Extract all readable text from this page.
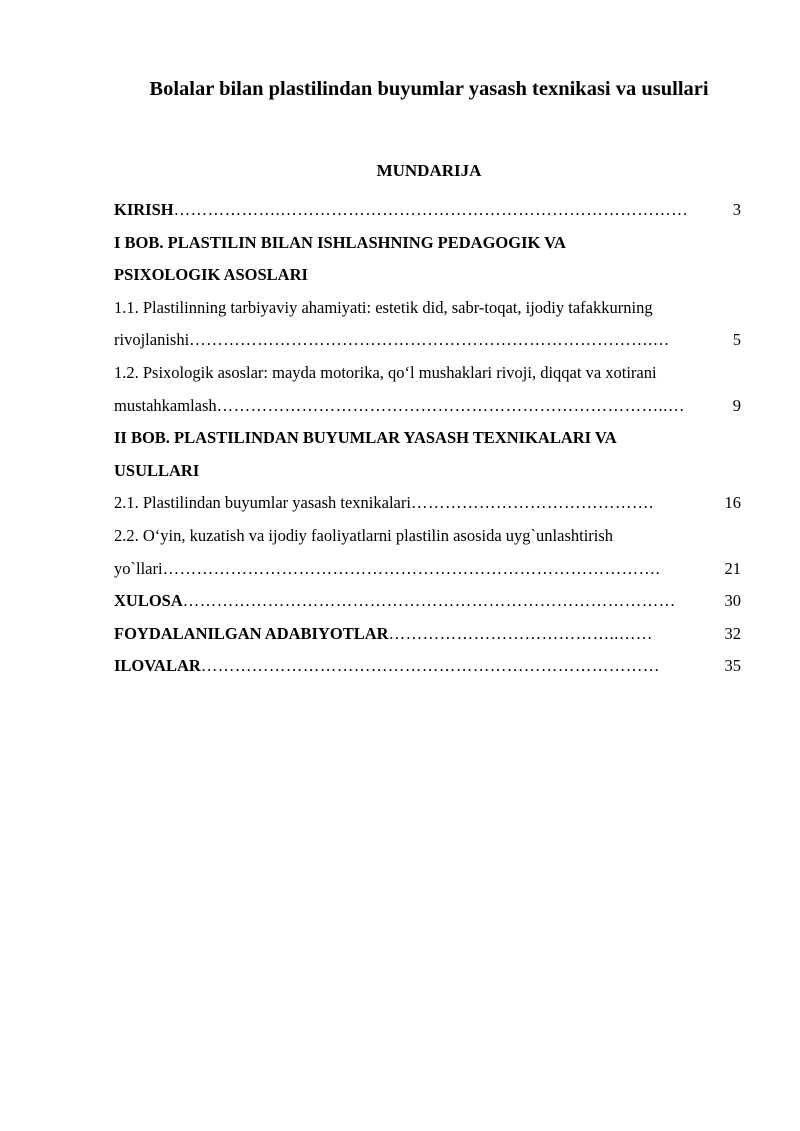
Bolalar bilan plastilindan buyumlar yasash texnikasi va usullari
MUNDARIJA
KIRISH ……………….………………………………………………………………	3
I BOB. PLASTILIN BILAN ISHLASHNING PEDAGOGIK VA
PSIXOLOGIK ASOSLARI
1.1. Plastilinning tarbiyaviy ahamiyati: estetik did, sabr-toqat, ijodiy tafakkurning
rivojlanishi ……………………………………………………………………….…	5
1.2. Psixologik asoslar: mayda motorika, qo‘l mushaklari rivoji, diqqat va xotirani
mustahkamlash ……………………………………………………………………..…	9
II BOB. PLASTILINDAN BUYUMLAR YASASH TEXNIKALARI VA
USULLARI
2.1. Plastilindan buyumlar yasash texnikalari …………………………………….	16
2.2. O‘yin, kuzatish va ijodiy faoliyatlarni plastilin asosida uyg`unlashtirish
yo`llari …………………………………………………………………………….	21
XULOSA ……………………………………………………………………………	30
FOYDALANILGAN ADABIYOTLAR …………………………………..……	32
ILOVALAR ………………………………………………………………………	35
